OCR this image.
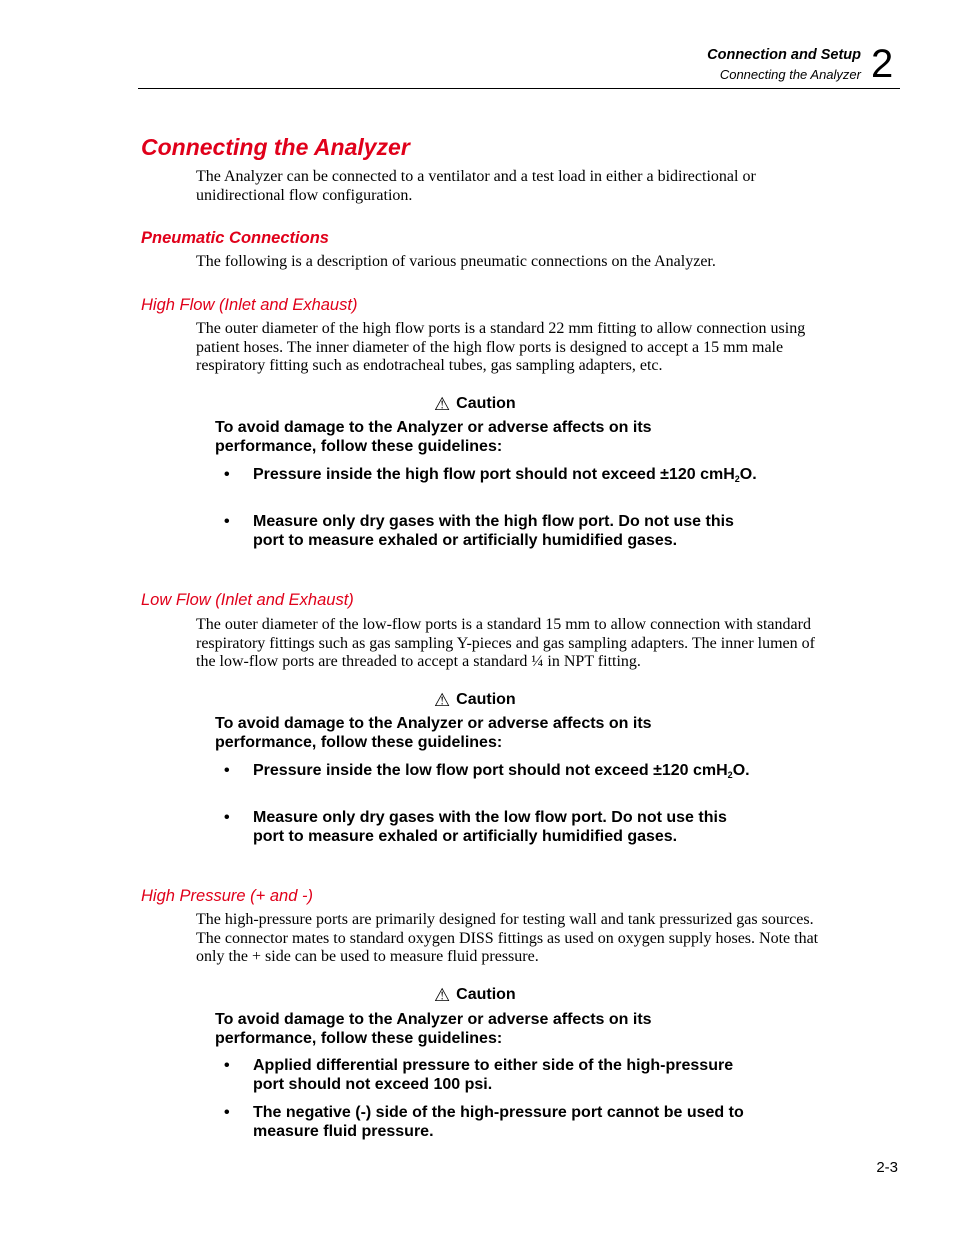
Connection and Setup
Connecting the Analyzer 2
Connecting the Analyzer
The Analyzer can be connected to a ventilator and a test load in either a bidirectional or unidirectional flow configuration.
Pneumatic Connections
The following is a description of various pneumatic connections on the Analyzer.
High Flow (Inlet and Exhaust)
The outer diameter of the high flow ports is a standard 22 mm fitting to allow connection using patient hoses. The inner diameter of the high flow ports is designed to accept a 15 mm male respiratory fitting such as endotracheal tubes, gas sampling adapters, etc.
⚠ Caution
To avoid damage to the Analyzer or adverse affects on its performance, follow these guidelines:
•	Pressure inside the high flow port should not exceed ±120 cmH$_2$O.
•	Measure only dry gases with the high flow port. Do not use this port to measure exhaled or artificially humidified gases.
Low Flow (Inlet and Exhaust)
The outer diameter of the low-flow ports is a standard 15 mm to allow connection with standard respiratory fittings such as gas sampling Y-pieces and gas sampling adapters. The inner lumen of the low-flow ports are threaded to accept a standard ¼ in NPT fitting.
⚠ Caution
To avoid damage to the Analyzer or adverse affects on its performance, follow these guidelines:
•	Pressure inside the low flow port should not exceed ±120 cmH$_2$O.
•	Measure only dry gases with the low flow port. Do not use this port to measure exhaled or artificially humidified gases.
High Pressure (+ and -)
The high-pressure ports are primarily designed for testing wall and tank pressurized gas sources. The connector mates to standard oxygen DISS fittings as used on oxygen supply hoses. Note that only the + side can be used to measure fluid pressure.
⚠ Caution
To avoid damage to the Analyzer or adverse affects on its performance, follow these guidelines:
•	Applied differential pressure to either side of the high-pressure port should not exceed 100 psi.
•	The negative (-) side of the high-pressure port cannot be used to measure fluid pressure.
2-3
